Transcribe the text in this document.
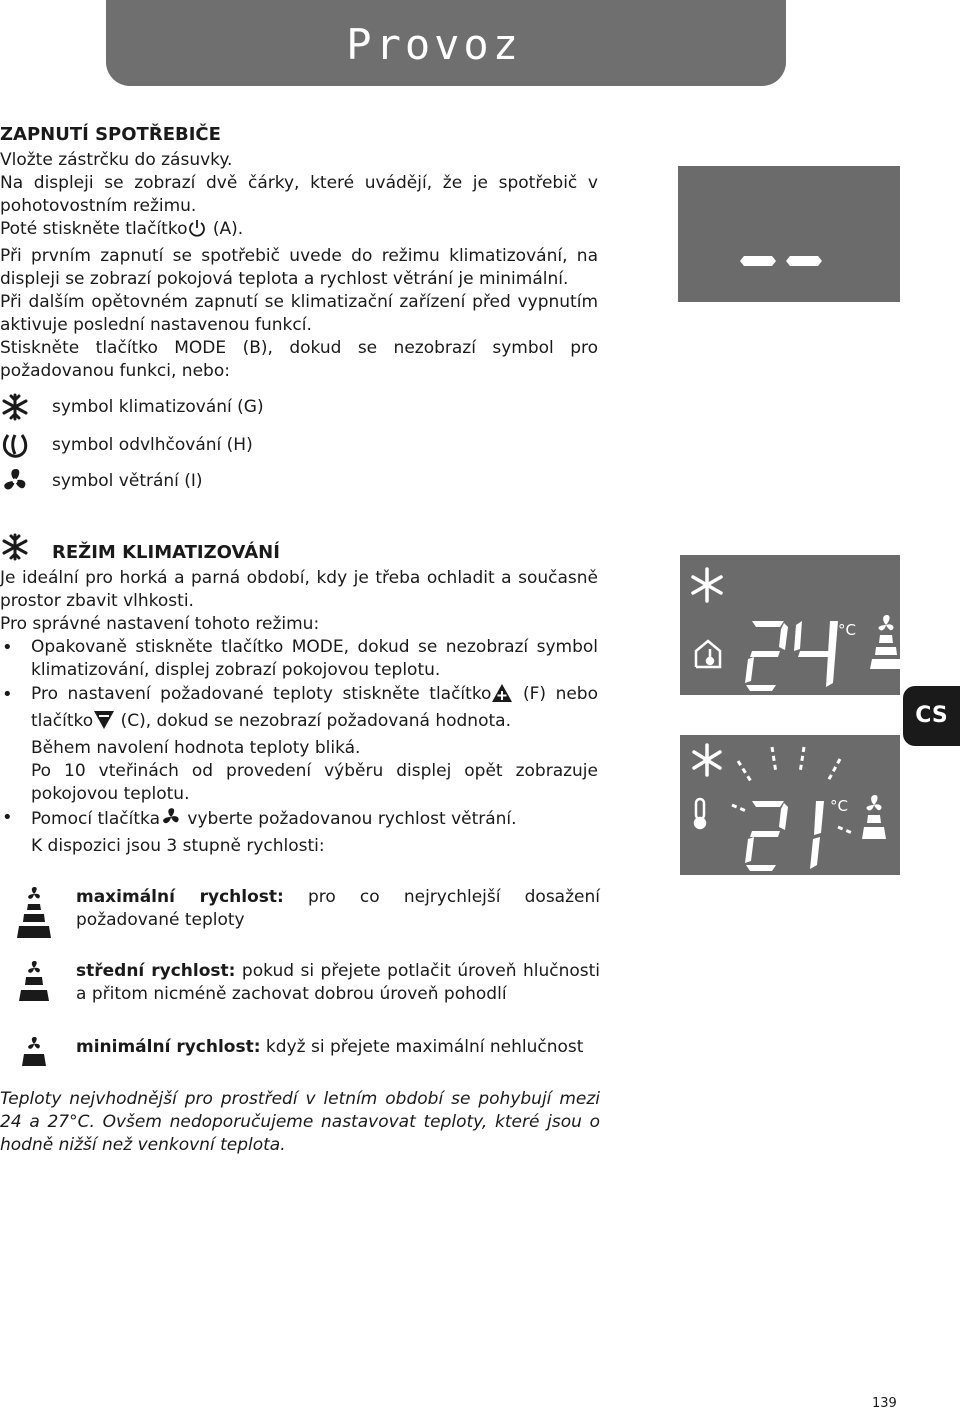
Provoz
ZAPNUTÍ SPOTŘEBIČE

Vložte zástrčku do zásuvky.

Na displeji se zobrazí dvě čárky, které uvádějí, že je spotřebič v pohotovostním režimu.

Poté stiskněte tlačítko (A).

Při prvním zapnutí se spotřebič uvede do režimu klimatizování, na displeji se zobrazí pokojová teplota a rychlost větrání je minimální.

Při dalším opětovném zapnutí se klimatizační zařízení před vypnutím aktivuje poslední nastavenou funkcí.

Stiskněte tlačítko MODE (B), dokud se nezobrazí symbol pro požadovanou funkci, nebo:

symbol klimatizování (G)
symbol odvlhčování (H)
symbol větrání (I)
REŽIM KLIMATIZOVÁNÍ

Je ideální pro horká a parná období, kdy je třeba ochladit a současně prostor zbavit vlhkosti.

Pro správné nastavení tohoto režimu:

• Opakovaně stiskněte tlačítko MODE, dokud se nezobrazí symbol klimatizování, displej zobrazí pokojovou teplotu.
• Pro nastavení požadované teploty stiskněte tlačítko (F) nebo tlačítko (C), dokud se nezobrazí požadovaná hodnota.
Během navolení hodnota teploty bliká.
Po 10 vteřinách od provedení výběru displej opět zobrazuje pokojovou teplotu.
• Pomocí tlačítka vyberte požadovanou rychlost větrání.
K dispozici jsou 3 stupně rychlosti:
maximální rychlost: pro co nejrychlejší dosažení požadované teploty
střední rychlost: pokud si přejete potlačit úroveň hlučnosti a přitom nicméně zachovat dobrou úroveň pohodlí
minimální rychlost: když si přejete maximální nehlučnost

Teploty nejvhodnější pro prostředí v letním období se pohybují mezi 24 a 27°C. Ovšem nedoporučujeme nastavovat teploty, které jsou o hodně nižší než venkovní teplota.

°C
°C
CS
139
